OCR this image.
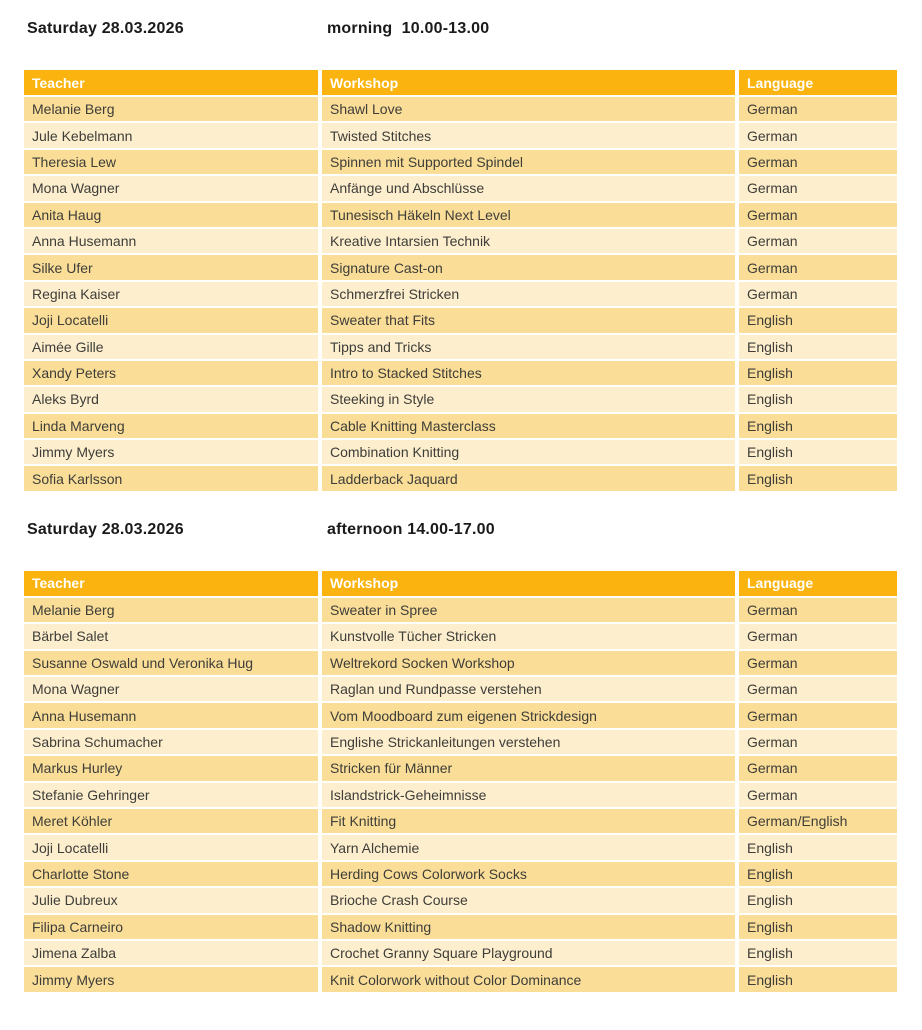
Saturday 28.03.2026	morning  10.00-13.00
Teacher	Workshop	Language
Melanie Berg	Shawl Love	German
Jule Kebelmann	Twisted Stitches	German
Theresia Lew	Spinnen mit Supported Spindel	German
Mona Wagner	Anfänge und Abschlüsse	German
Anita Haug	Tunesisch Häkeln Next Level	German
Anna Husemann	Kreative Intarsien Technik	German
Silke Ufer	Signature Cast-on	German
Regina Kaiser	Schmerzfrei Stricken	German
Joji Locatelli	Sweater that Fits	English
Aimée Gille	Tipps and Tricks	English
Xandy Peters	Intro to Stacked Stitches	English
Aleks Byrd	Steeking in Style	English
Linda Marveng	Cable Knitting Masterclass	English
Jimmy Myers	Combination Knitting	English
Sofia Karlsson	Ladderback Jaquard	English
Saturday 28.03.2026	afternoon 14.00-17.00
Teacher	Workshop	Language
Melanie Berg	Sweater in Spree	German
Bärbel Salet	Kunstvolle Tücher Stricken	German
Susanne Oswald und Veronika Hug	Weltrekord Socken Workshop	German
Mona Wagner	Raglan und Rundpasse verstehen	German
Anna Husemann	Vom Moodboard zum eigenen Strickdesign	German
Sabrina Schumacher	Englishe Strickanleitungen verstehen	German
Markus Hurley	Stricken für Männer	German
Stefanie Gehringer	Islandstrick-Geheimnisse	German
Meret Köhler	Fit Knitting	German/English
Joji Locatelli	Yarn Alchemie	English
Charlotte Stone	Herding Cows Colorwork Socks	English
Julie Dubreux	Brioche Crash Course	English
Filipa Carneiro	Shadow Knitting	English
Jimena Zalba	Crochet Granny Square Playground	English
Jimmy Myers	Knit Colorwork without Color Dominance	English
